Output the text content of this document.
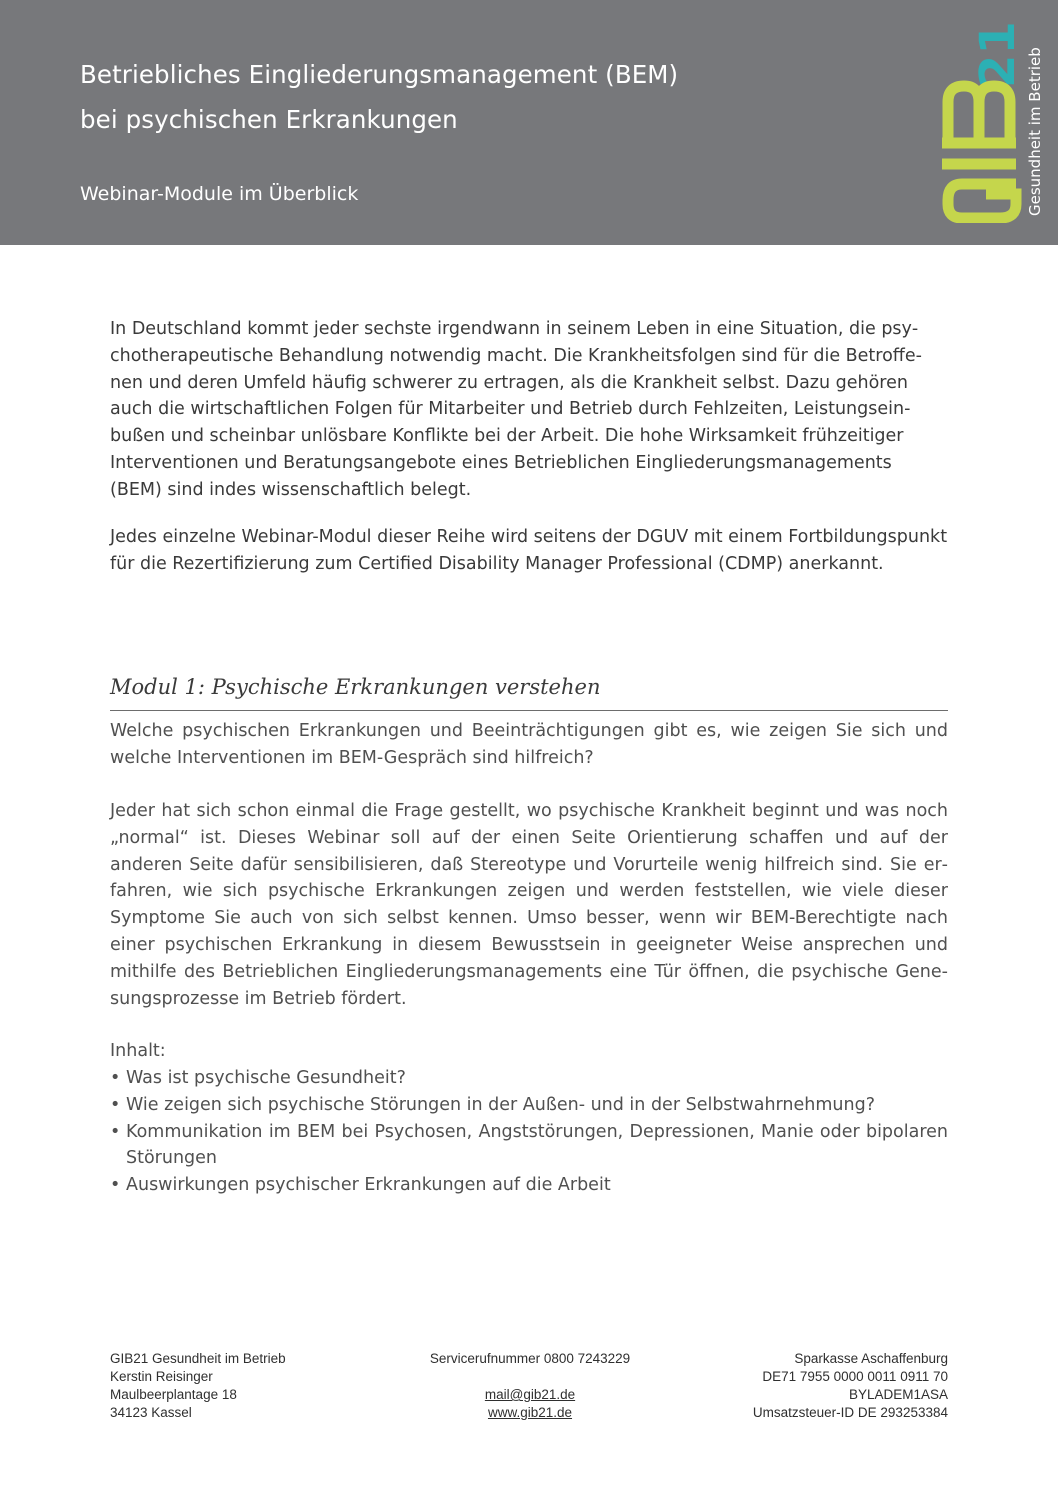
Betriebliches Eingliederungsmanagement (BEM)
bei psychischen Erkrankungen
Webinar-Module im Überblick
21 Gesundheit im Betrieb

In Deutschland kommt jeder sechste irgendwann in seinem Leben in eine Situation, die psychotherapeutische Behandlung notwendig macht. Die Krankheitsfolgen sind für die Betroffenen und deren Umfeld häufig schwerer zu ertragen, als die Krankheit selbst. Dazu gehören auch die wirtschaftlichen Folgen für Mitarbeiter und Betrieb durch Fehlzeiten, Leistungseinbußen und scheinbar unlösbare Konflikte bei der Arbeit. Die hohe Wirksamkeit frühzeitiger Interventionen und Beratungsangebote eines Betrieblichen Eingliederungsmanagements (BEM) sind indes wissenschaftlich belegt.

Jedes einzelne Webinar-Modul dieser Reihe wird seitens der DGUV mit einem Fortbildungspunkt für die Rezertifizierung zum Certified Disability Manager Professional (CDMP) anerkannt.

Modul 1: Psychische Erkrankungen verstehen

Welche psychischen Erkrankungen und Beeinträchtigungen gibt es, wie zeigen Sie sich und welche Interventionen im BEM-Gespräch sind hilfreich?

Jeder hat sich schon einmal die Frage gestellt, wo psychische Krankheit beginnt und was noch „normal“ ist. Dieses Webinar soll auf der einen Seite Orientierung schaffen und auf der anderen Seite dafür sensibilisieren, daß Stereotype und Vorurteile wenig hilfreich sind. Sie erfahren, wie sich psychische Erkrankungen zeigen und werden feststellen, wie viele dieser Symptome Sie auch von sich selbst kennen. Umso besser, wenn wir BEM-Berechtigte nach einer psychischen Erkrankung in diesem Bewusstsein in geeigneter Weise ansprechen und mithilfe des Betrieblichen Eingliederungsmanagements eine Tür öffnen, die psychische Genesungsprozesse im Betrieb fördert.

Inhalt:

• Was ist psychische Gesundheit?
• Wie zeigen sich psychische Störungen in der Außen- und in der Selbstwahrnehmung?
• Kommunikation im BEM bei Psychosen, Angststörungen, Depressionen, Manie oder bipolaren Störungen
• Auswirkungen psychischer Erkrankungen auf die Arbeit
GIB21 Gesundheit im Betrieb
Kerstin Reisinger
Maulbeerplantage 18
34123 Kassel
Servicerufnummer 0800 7243229
mail@gib21.de
www.gib21.de
Sparkasse Aschaffenburg
DE71 7955 0000 0011 0911 70
BYLADEM1ASA
Umsatzsteuer-ID DE 293253384
